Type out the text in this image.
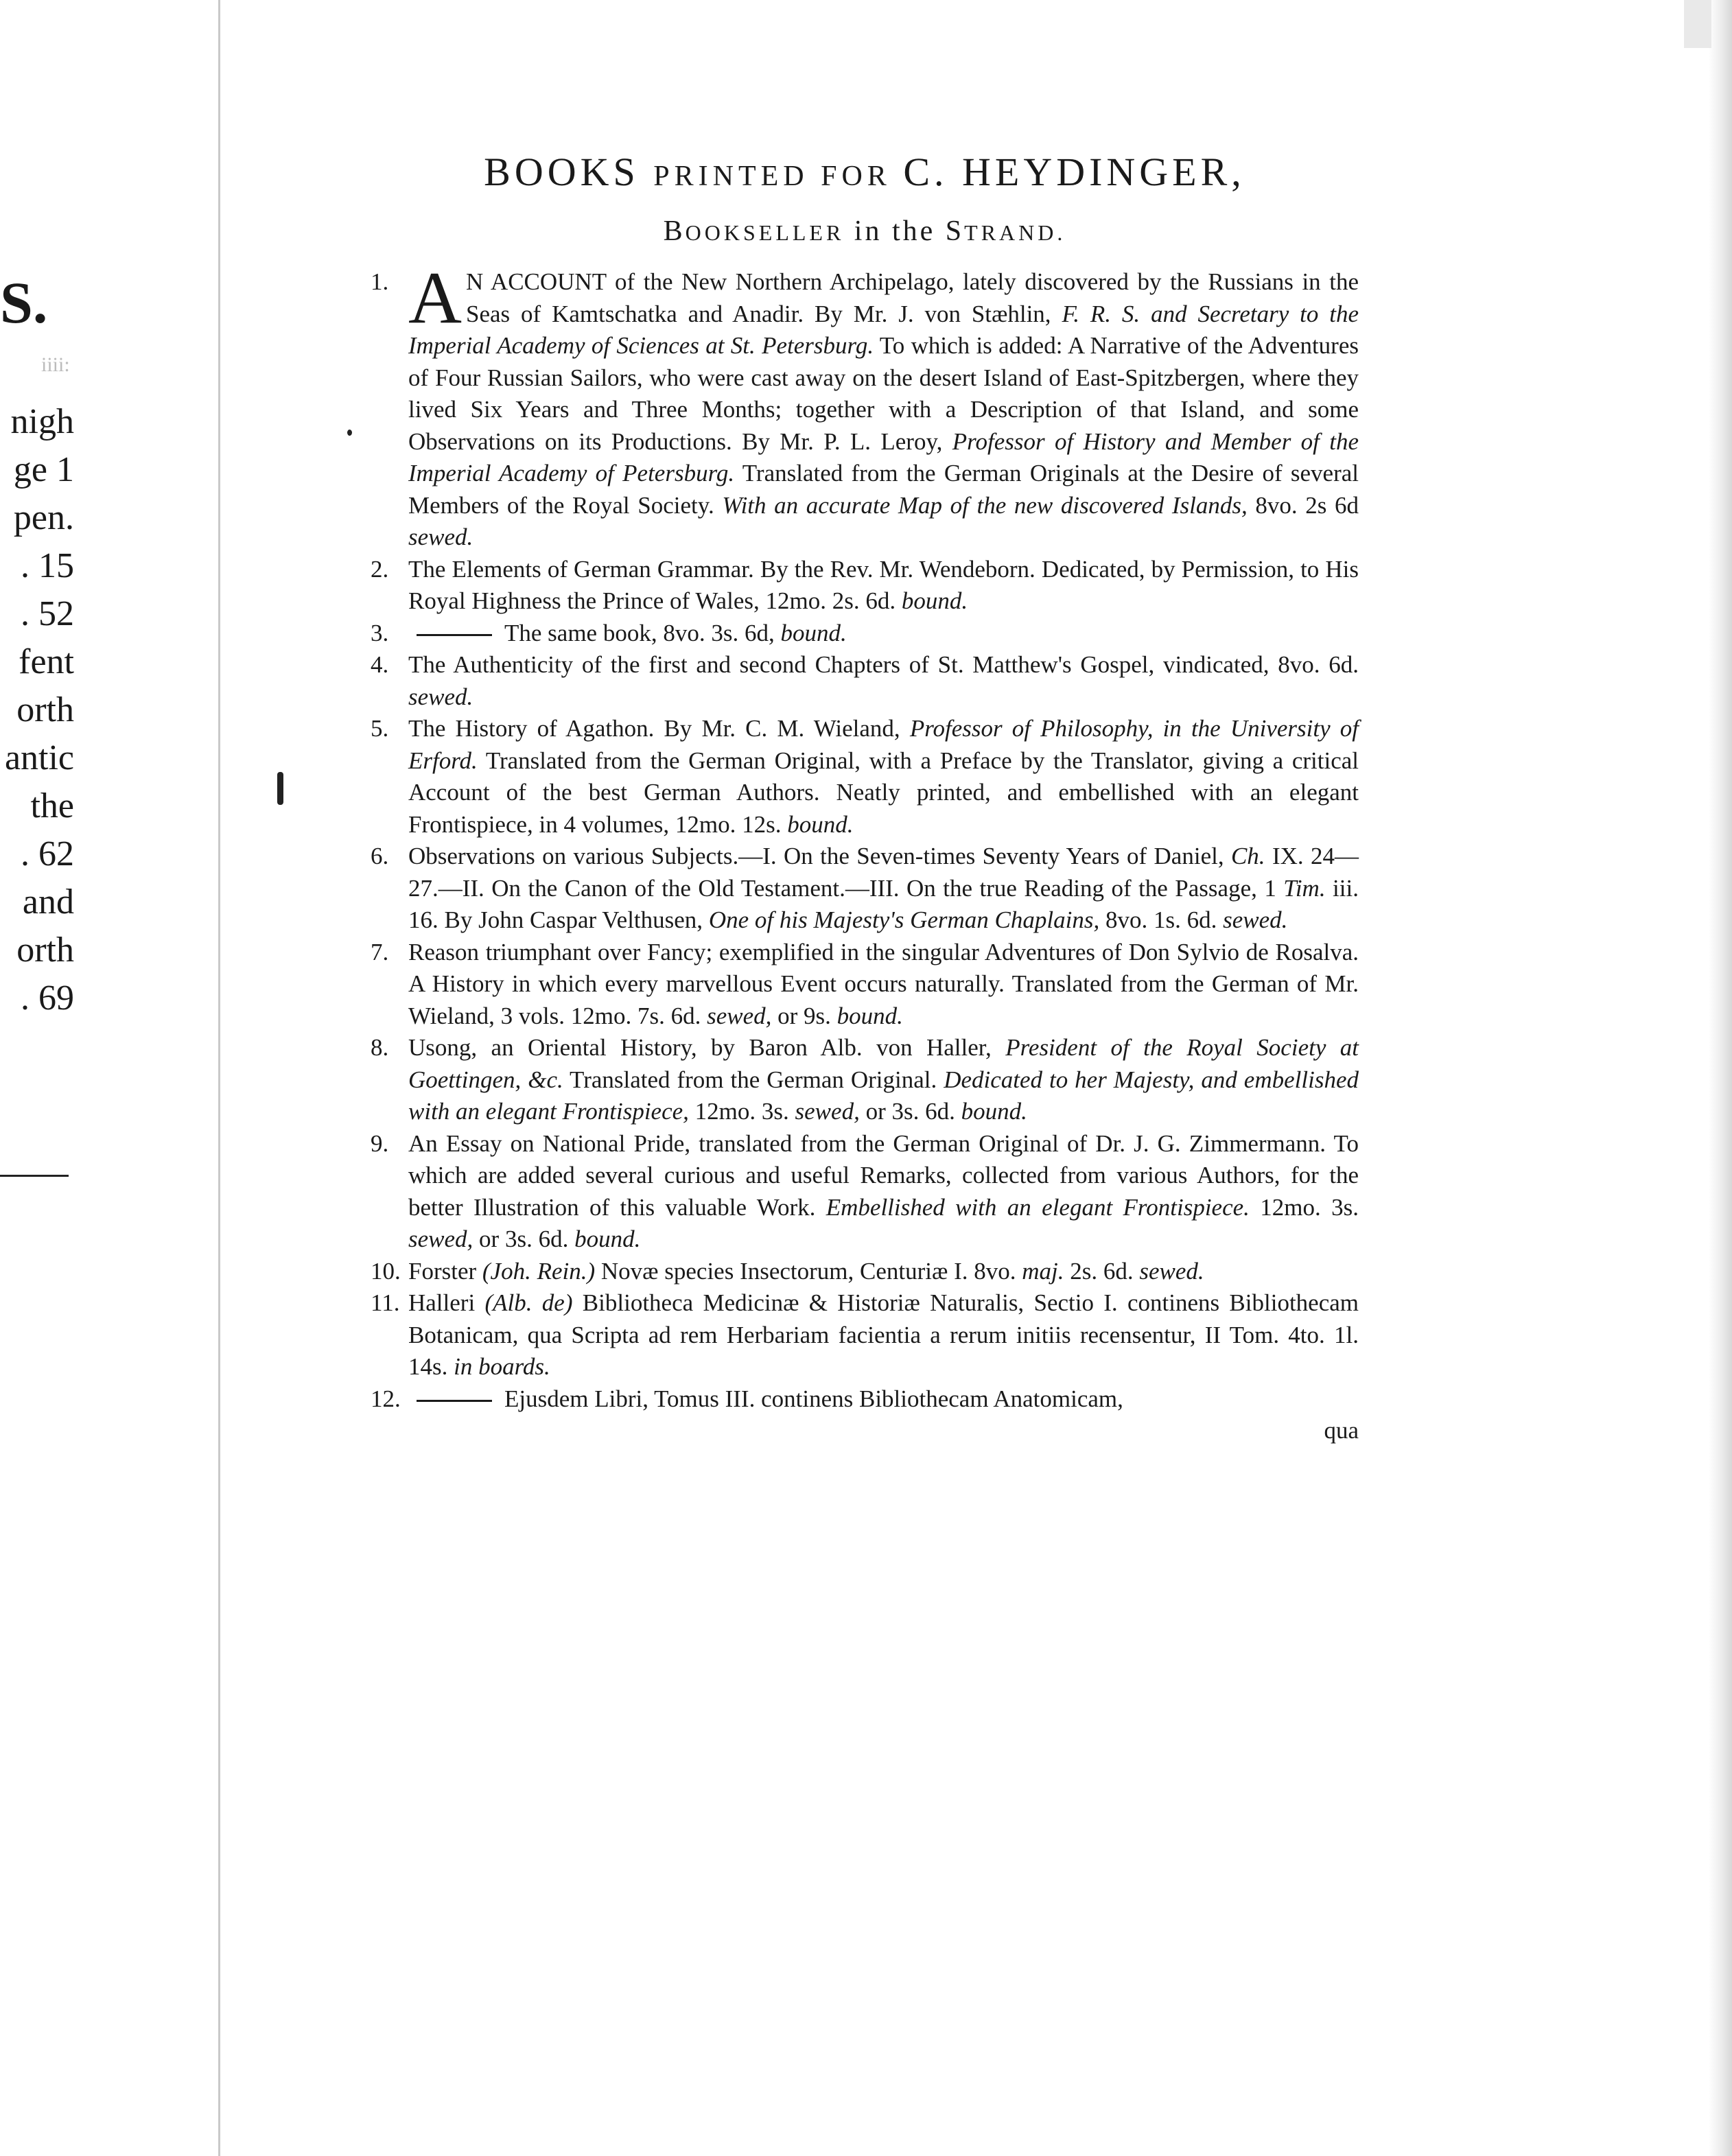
S.
iiii:
nigh
ge 1
pen.
. 15
. 52
fent
orth
antic
the
. 62
and
orth
. 69
BOOKS PRINTED FOR C. HEYDINGER,
BOOKSELLER in the STRAND.

1. A N ACCOUNT of the New Northern Archipelago, lately discovered by the Russians in the Seas of Kamtschatka and Anadir. By Mr. J. von Stæhlin, F. R. S. and Secretary to the Imperial Academy of Sciences at St. Petersburg. To which is added: A Narrative of the Adventures of Four Russian Sailors, who were cast away on the desert Island of East-Spitzbergen, where they lived Six Years and Three Months; together with a Description of that Island, and some Observations on its Productions. By Mr. P. L. Leroy, Professor of History and Member of the Imperial Academy of Petersburg. Translated from the German Originals at the Desire of several Members of the Royal Society. With an accurate Map of the new discovered Islands, 8vo. 2s 6d sewed.

2. The Elements of German Grammar. By the Rev. Mr. Wendeborn. Dedicated, by Permission, to His Royal Highness the Prince of Wales, 12mo. 2s. 6d. bound.

3.	The same book, 8vo. 3s. 6d, bound.

4. The Authenticity of the first and second Chapters of St. Matthew's Gospel, vindicated, 8vo. 6d. sewed.

5. The History of Agathon. By Mr. C. M. Wieland, Professor of Philosophy, in the University of Erford. Translated from the German Original, with a Preface by the Translator, giving a critical Account of the best German Authors. Neatly printed, and embellished with an elegant Frontispiece, in 4 volumes, 12mo. 12s. bound.

6. Observations on various Subjects.—I. On the Seven-times Seventy Years of Daniel, Ch. IX. 24—27.—II. On the Canon of the Old Testament.—III. On the true Reading of the Passage, 1 Tim. iii. 16. By John Caspar Velthusen, One of his Majesty's German Chaplains, 8vo. 1s. 6d. sewed.

7. Reason triumphant over Fancy; exemplified in the singular Adventures of Don Sylvio de Rosalva. A History in which every marvellous Event occurs naturally. Translated from the German of Mr. Wieland, 3 vols. 12mo. 7s. 6d. sewed, or 9s. bound.

8. Usong, an Oriental History, by Baron Alb. von Haller, President of the Royal Society at Goettingen, &c. Translated from the German Original. Dedicated to her Majesty, and embellished with an elegant Frontispiece, 12mo. 3s. sewed, or 3s. 6d. bound.

9. An Essay on National Pride, translated from the German Original of Dr. J. G. Zimmermann. To which are added several curious and useful Remarks, collected from various Authors, for the better Illustration of this valuable Work. Embellished with an elegant Frontispiece. 12mo. 3s. sewed, or 3s. 6d. bound.

10. Forster (Joh. Rein.) Novæ species Insectorum, Centuriæ I. 8vo. maj. 2s. 6d. sewed.

11. Halleri (Alb. de) Bibliotheca Medicinæ & Historiæ Naturalis, Sectio I. continens Bibliothecam Botanicam, qua Scripta ad rem Herbariam facientia a rerum initiis recensentur, II Tom. 4to. 1l. 14s. in boards.

12.	Ejusdem Libri, Tomus III. continens Bibliothecam Anatomicam,

qua
